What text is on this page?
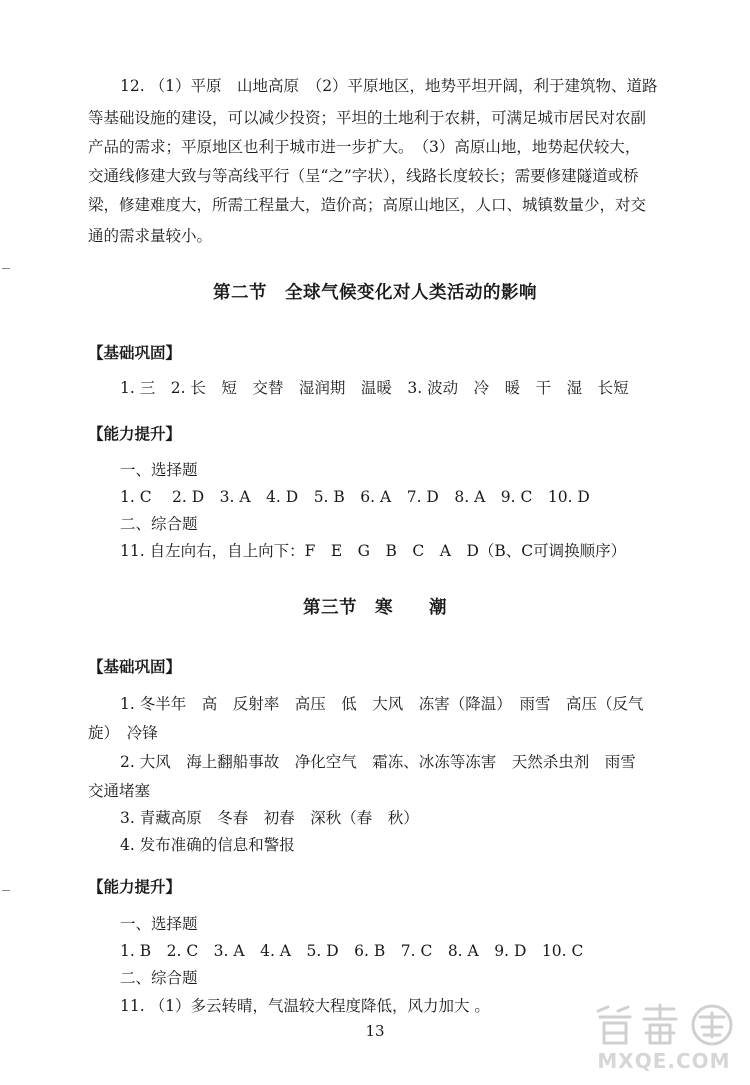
12. （1）平原　山地高原　（2）平原地区，地势平坦开阔，利于建筑物、道路
等基础设施的建设，可以减少投资；平坦的土地利于农耕，可满足城市居民对农副
产品的需求；平原地区也利于城市进一步扩大。　（3）高原山地，地势起伏较大，
交通线修建大致与等高线平行（呈“之”字状），线路长度较长；需要修建隧道或桥
梁，修建难度大，所需工程量大，造价高；高原山地区，人口、城镇数量少，对交
通的需求量较小。
第二节　全球气候变化对人类活动的影响
【基础巩固】
1. 三　2. 长　短　交替　湿润期　温暖　3. 波动　冷　暖　干　湿　长短
【能力提升】
一、选择题
1. C　 2. D　3. A　4. D　5. B　6. A　7. D　8. A　9. C　10. D
二、综合题
11. 自左向右，自上向下：F　E　G　B　C　A　D（B、C可调换顺序）
第三节　寒　　潮
【基础巩固】
1. 冬半年　高　反射率　高压　低　大风　冻害（降温）　雨雪　高压（反气
旋）　冷锋
2. 大风　海上翻船事故　净化空气　霜冻、冰冻等冻害　天然杀虫剂　雨雪
交通堵塞
3. 青藏高原　冬春　初春　深秋（春　秋）
4. 发布准确的信息和警报
【能力提升】
一、选择题
1. B　2. C　3. A　4. A　5. D　6. B　7. C　8. A　9. D　10. C
二、综合题
11. （1）多云转晴，气温较大程度降低，风力加大 。
13
MXQE.COM
